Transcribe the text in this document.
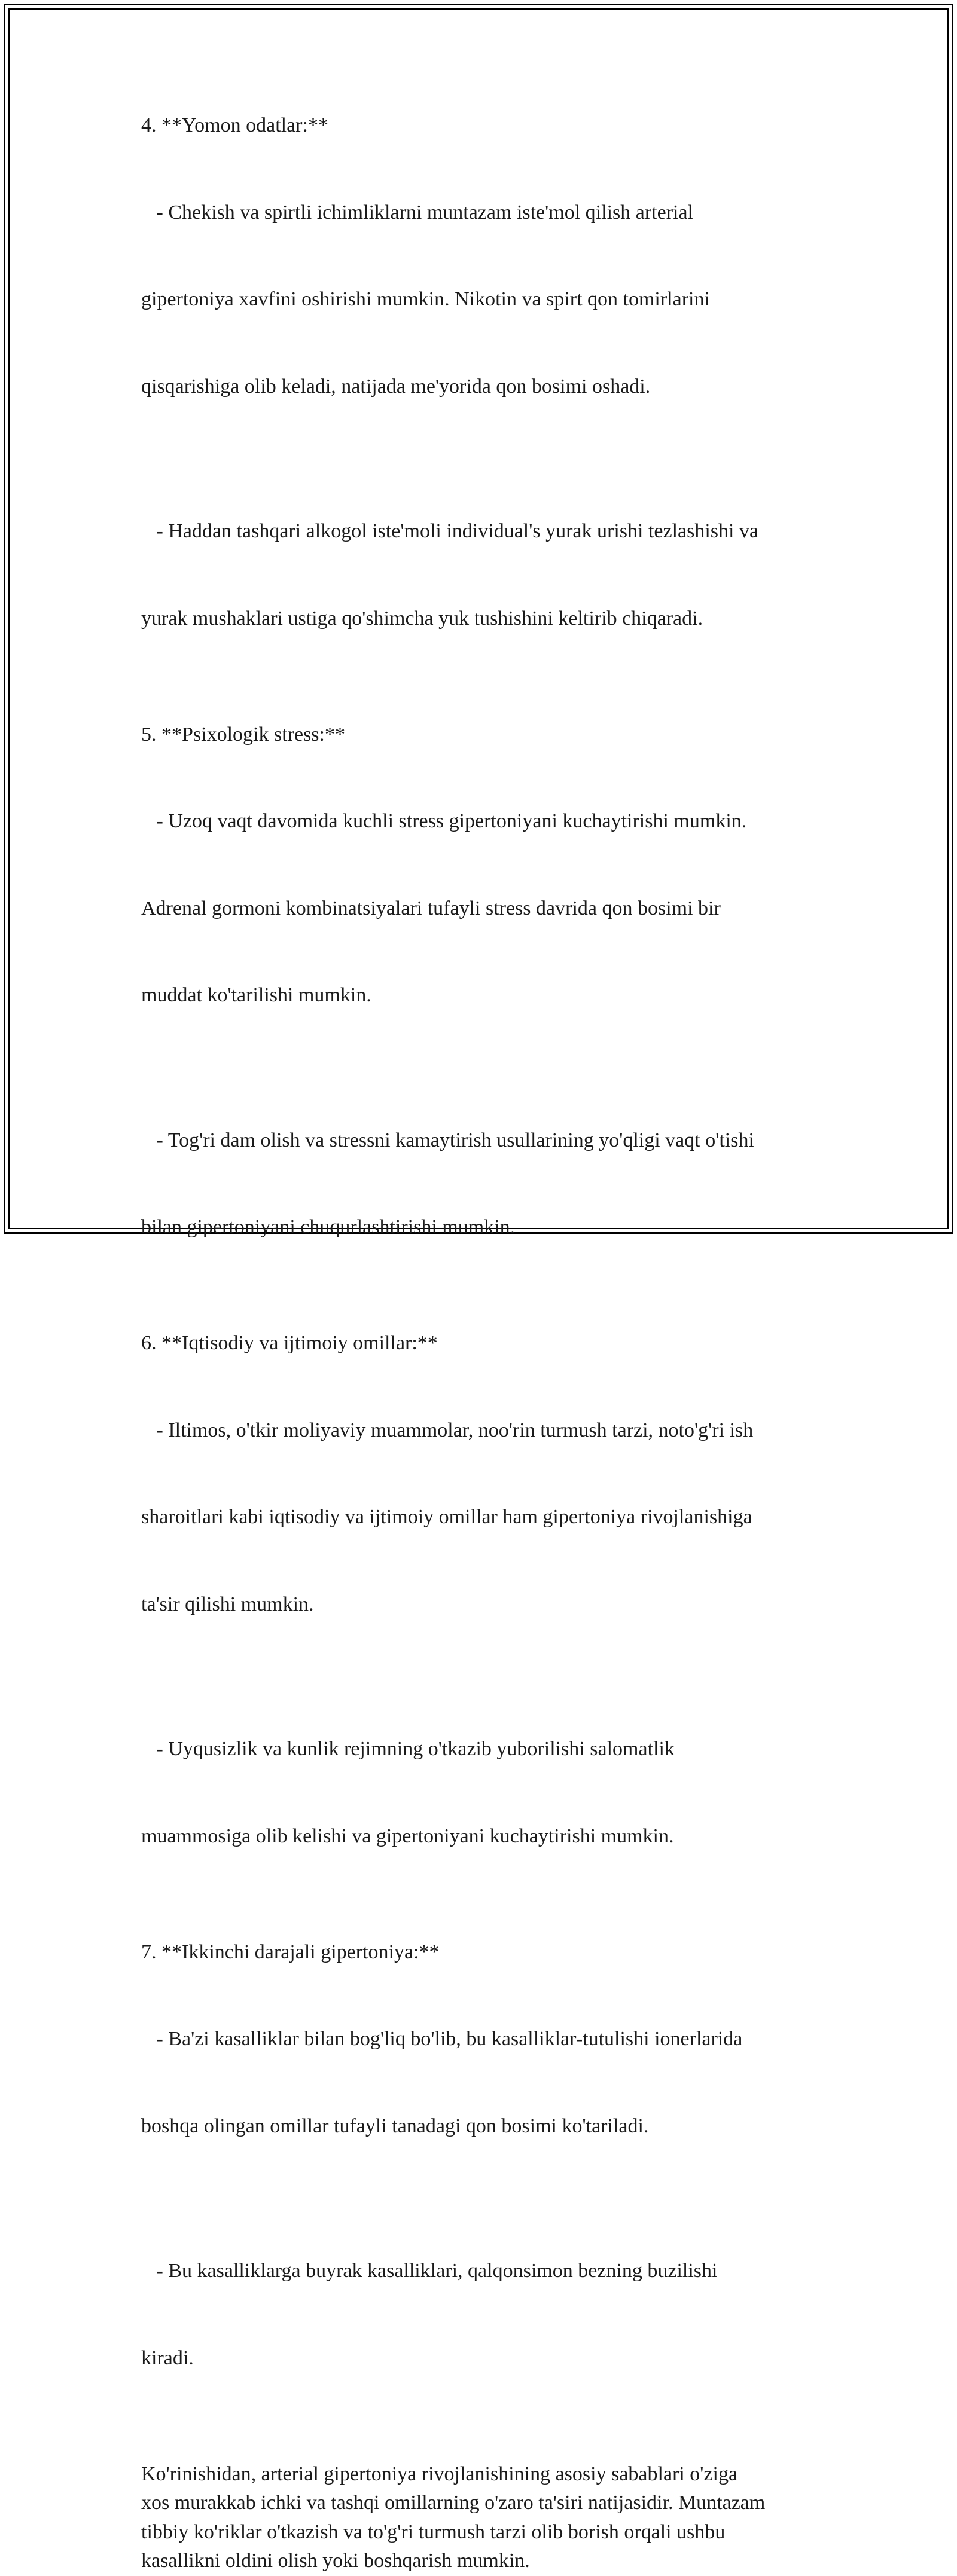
4. **Yomon odatlar:**

- Chekish va spirtli ichimliklarni muntazam iste'mol qilish arterial

gipertoniya xavfini oshirishi mumkin. Nikotin va spirt qon tomirlarini

qisqarishiga olib keladi, natijada me'yorida qon bosimi oshadi.

- Haddan tashqari alkogol iste'moli individual's yurak urishi tezlashishi va

yurak mushaklari ustiga qo'shimcha yuk tushishini keltirib chiqaradi.

5. **Psixologik stress:**

- Uzoq vaqt davomida kuchli stress gipertoniyani kuchaytirishi mumkin.

Adrenal gormoni kombinatsiyalari tufayli stress davrida qon bosimi bir

muddat ko'tarilishi mumkin.

- Tog'ri dam olish va stressni kamaytirish usullarining yo'qligi vaqt o'tishi

bilan gipertoniyani chuqurlashtirishi mumkin.

6. **Iqtisodiy va ijtimoiy omillar:**

- Iltimos, o'tkir moliyaviy muammolar, noo'rin turmush tarzi, noto'g'ri ish

sharoitlari kabi iqtisodiy va ijtimoiy omillar ham gipertoniya rivojlanishiga

ta'sir qilishi mumkin.

- Uyqusizlik va kunlik rejimning o'tkazib yuborilishi salomatlik

muammosiga olib kelishi va gipertoniyani kuchaytirishi mumkin.

7. **Ikkinchi darajali gipertoniya:**

- Ba'zi kasalliklar bilan bog'liq bo'lib, bu kasalliklar-tutulishi ionerlarida

boshqa olingan omillar tufayli tanadagi qon bosimi ko'tariladi.

- Bu kasalliklarga buyrak kasalliklari, qalqonsimon bezning buzilishi

kiradi.

Ko'rinishidan, arterial gipertoniya rivojlanishining asosiy sabablari o'ziga
xos murakkab ichki va tashqi omillarning o'zaro ta'siri natijasidir. Muntazam
tibbiy ko'riklar o'tkazish va to'g'ri turmush tarzi olib borish orqali ushbu
kasallikni oldini olish yoki boshqarish mumkin.
